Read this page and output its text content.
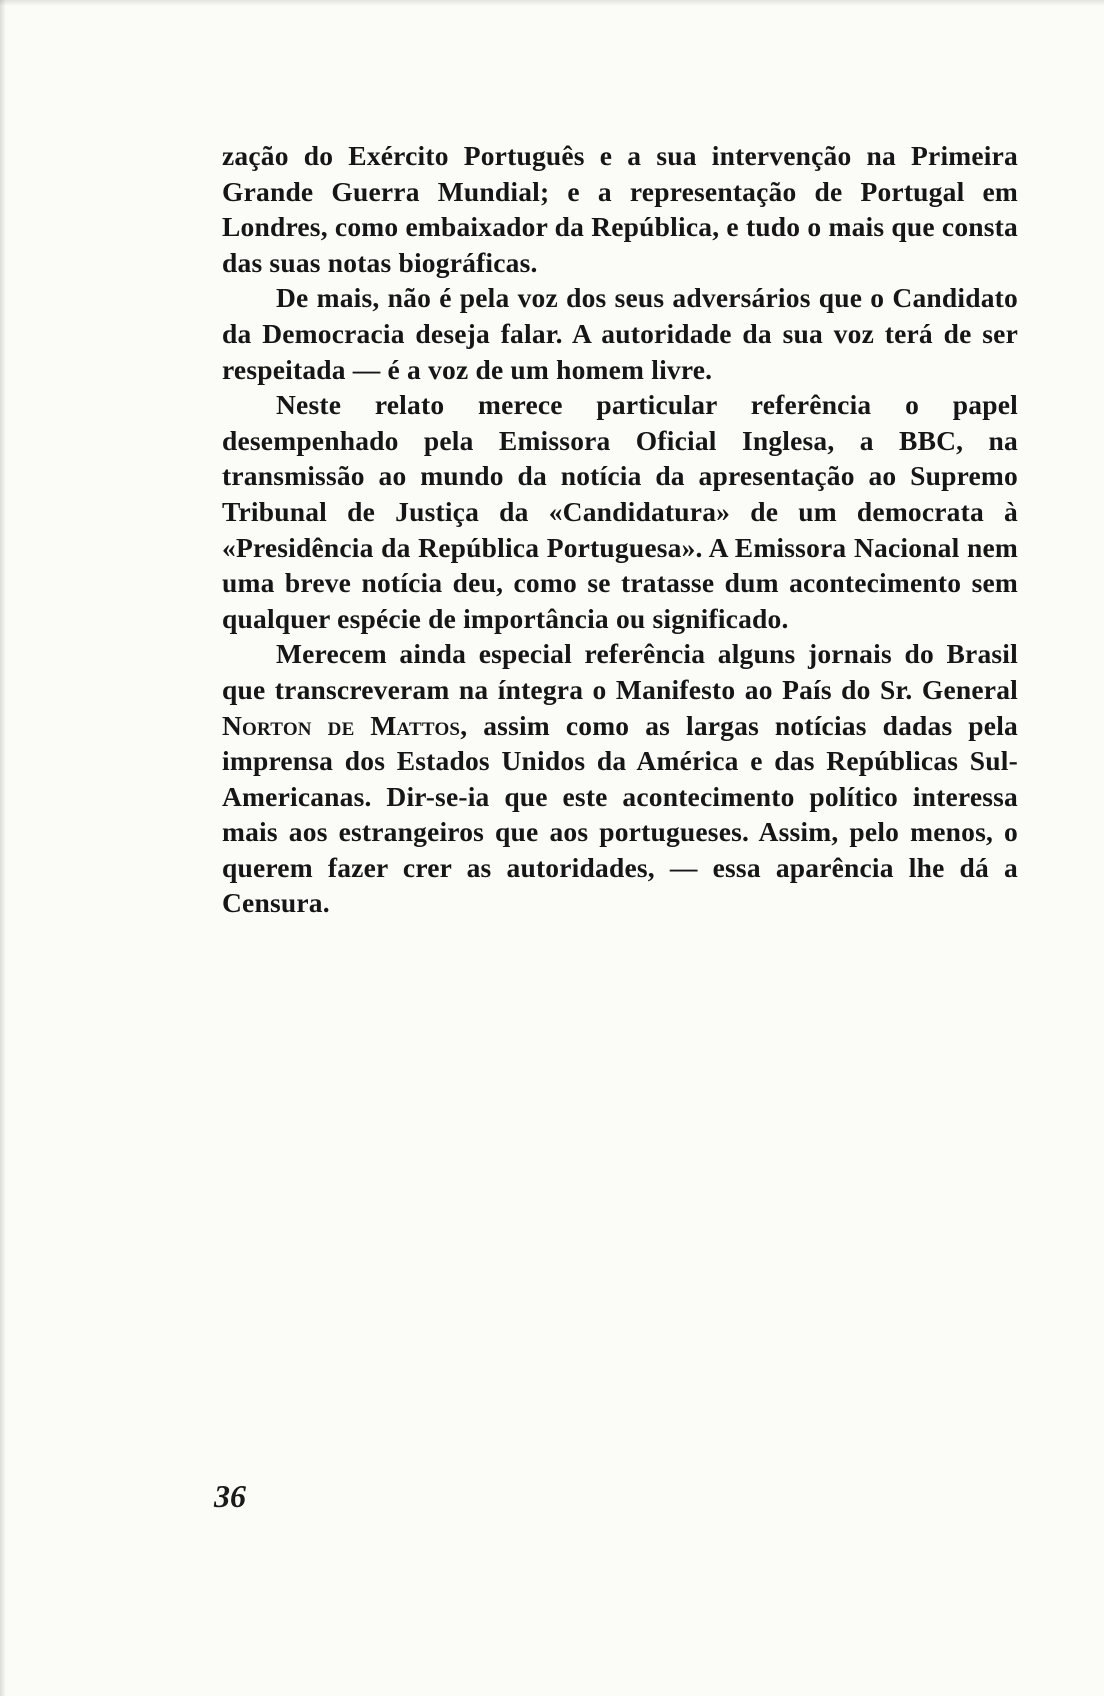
zação do Exército Português e a sua intervenção na Primeira Grande Guerra Mundial; e a representação de Portugal em Londres, como embaixador da República, e tudo o mais que consta das suas notas biográficas.

De mais, não é pela voz dos seus adversários que o Candidato da Democracia deseja falar. A autoridade da sua voz terá de ser respeitada — é a voz de um homem livre.

Neste relato merece particular referência o papel desempenhado pela Emissora Oficial Inglesa, a BBC, na transmissão ao mundo da notícia da apresentação ao Supremo Tribunal de Justiça da «Candidatura» de um democrata à «Presidência da República Portuguesa». A Emissora Nacional nem uma breve notícia deu, como se tratasse dum acontecimento sem qualquer espécie de importância ou significado.

Merecem ainda especial referência alguns jornais do Brasil que transcreveram na íntegra o Manifesto ao País do Sr. General Norton de Mattos, assim como as largas notícias dadas pela imprensa dos Estados Unidos da América e das Repúblicas Sul-Americanas. Dir-se-ia que este acontecimento político interessa mais aos estrangeiros que aos portugueses. Assim, pelo menos, o querem fazer crer as autoridades, — essa aparência lhe dá a Censura.

36
